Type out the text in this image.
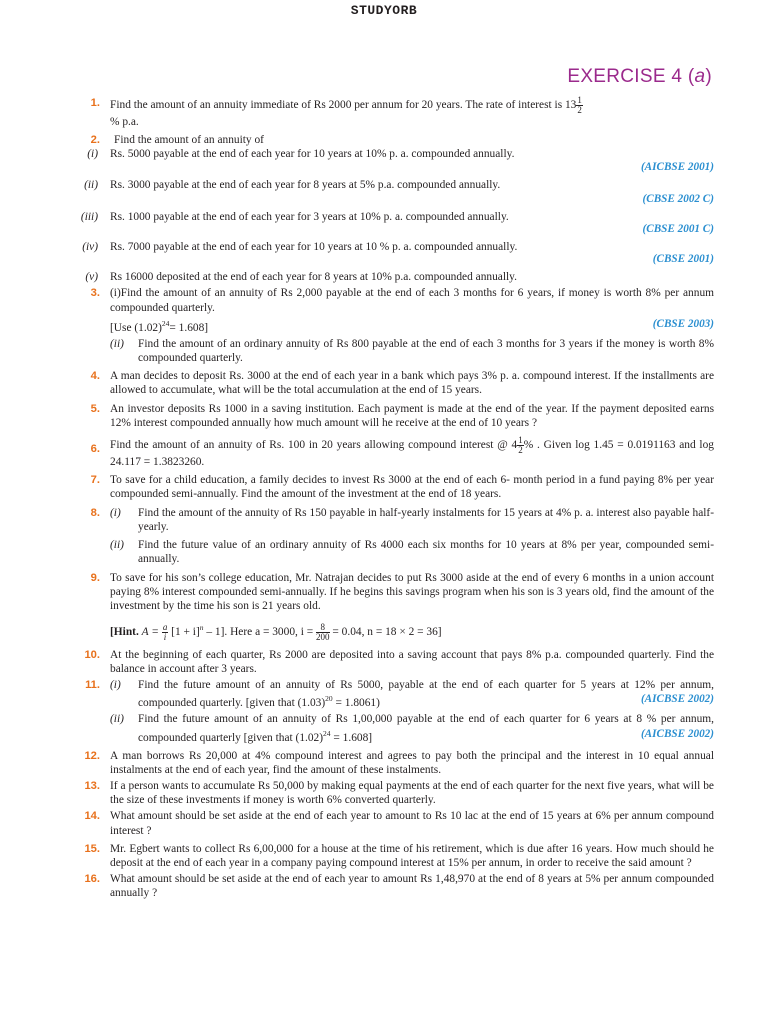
STUDYORB
EXERCISE 4 (a)
1. Find the amount of an annuity immediate of Rs 2000 per annum for 20 years. The rate of interest is $13 \frac{1}{2}$
% p.a.
2. Find the amount of an annuity of
(i) Rs. 5000 payable at the end of each year for 10 years at 10% p. a. compounded annually.
(AICBSE 2001)
(ii) Rs. 3000 payable at the end of each year for 8 years at 5% p.a. compounded annually.
(CBSE 2002 C)
(iii) Rs. 1000 payable at the end of each year for 3 years at 10% p. a. compounded annually.
(CBSE 2001 C)
(iv) Rs. 7000 payable at the end of each year for 10 years at 10 % p. a. compounded annually.
(CBSE 2001)
(v) Rs 16000 deposited at the end of each year for 8 years at 10% p.a. compounded annually.
3. (i)Find the amount of an annuity of Rs 2,000 payable at the end of each 3 months for 6 years, if money is worth 8% per annum compounded quarterly.
[Use $(1.02)^{24}= 1.608$]	(CBSE 2003)
(ii) Find the amount of an ordinary annuity of Rs 800 payable at the end of each 3 months for 3 years if the money is worth 8% compounded quarterly.
4. A man decides to deposit Rs. 3000 at the end of each year in a bank which pays 3% p. a. compound interest. If the installments are allowed to accumulate, what will be the total accumulation at the end of 15 years.
5. An investor deposits Rs 1000 in a saving institution. Each payment is made at the end of the year. If the payment deposited earns 12% interest compounded annually how much amount will he receive at the end of 10 years ?
6. Find the amount of an annuity of Rs. 100 in 20 years allowing compound interest @ $4 \frac{1}{2}$ % . Given log 1.45 = 0.0191163 and log 24.117 = 1.3823260.
7. To save for a child education, a family decides to invest Rs 3000 at the end of each 6- month period in a fund paying 8% per year compounded semi-annually. Find the amount of the investment at the end of 18 years.
8. (i) Find the amount of the annuity of Rs 150 payable in half-yearly instalments for 15 years at 4% p. a. interest also payable half-yearly.
(ii) Find the future value of an ordinary annuity of Rs 4000 each six months for 10 years at 8% per year, compounded semi-annually.
9. To save for his son’s college education, Mr. Natrajan decides to put Rs 3000 aside at the end of every 6 months in a union account paying 8% interest compounded semi-annually. If he begins this savings program when his son is 3 years old, find the amount of the investment by the time his son is 21 years old.
[Hint. $A = \frac{a}{i} [1 + i]^n - 1$]. Here a = 3000, $i = \frac{8}{200} = 0.04$, n = 18 × 2 = 36]
10. At the beginning of each quarter, Rs 2000 are deposited into a saving account that pays 8% p.a. compounded quarterly. Find the balance in account after 3 years.
11. (i) Find the future amount of an annuity of Rs 5000, payable at the end of each quarter for 5 years at 12% per annum, compounded quarterly. [given that $(1.03)^{20} = 1.8061$)	(AICBSE 2002)
(ii) Find the future amount of an annuity of Rs 1,00,000 payable at the end of each quarter for 6 years at 8 % per annum, compounded quarterly [given that $(1.02)^{24} = 1.608$]	(AICBSE 2002)
12. A man borrows Rs 20,000 at 4% compound interest and agrees to pay both the principal and the interest in 10 equal annual instalments at the end of each year, find the amount of these instalments.
13. If a person wants to accumulate Rs 50,000 by making equal payments at the end of each quarter for the next five years, what will be the size of these investments if money is worth 6% converted quarterly.
14. What amount should be set aside at the end of each year to amount to Rs 10 lac at the end of 15 years at 6% per annum compound interest ?
15. Mr. Egbert wants to collect Rs 6,00,000 for a house at the time of his retirement, which is due after 16 years. How much should he deposit at the end of each year in a company paying compound interest at 15% per annum, in order to receive the said amount ?
16. What amount should be set aside at the end of each year to amount Rs 1,48,970 at the end of 8 years at 5% per annum compounded annually ?
